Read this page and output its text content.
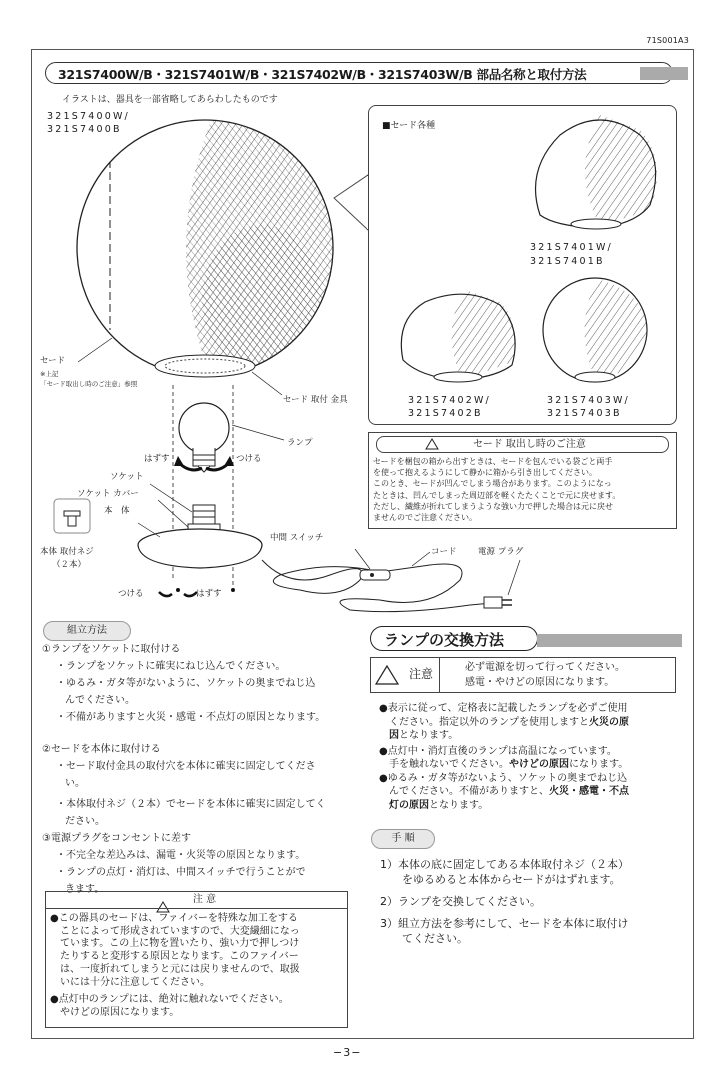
71S001A3
321S7400W/B・321S7401W/B・321S7402W/B・321S7403W/B 部品名称と取付方法
イラストは、器具を一部省略してあらわしたものです
321S7400W/
321S7400B
セード
※上記
「セード取出し時のご注意」参照
セード 取付 金具
ランプ
はずす	つける
ソケット
ソケット カバー
本　体
本体 取付ネジ
（２本）
中間 スイッチ
コード	電源 プラグ
つける	はずす
■セード各種
321S7401W/
321S7401B
321S7402W/
321S7402B
321S7403W/
321S7403B
セード 取出し時のご注意
セードを梱包の箱から出すときは、セードを包んでいる袋ごと両手
を使って抱えるようにして静かに箱から引き出してください。
このとき、セードが凹んでしまう場合があります。このようになっ
たときは、凹んでしまった周辺部を軽くたたくことで元に戻せます。
ただし、繊維が折れてしまうような強い力で押した場合は元に戻せ
ませんのでご注意ください。
組立方法
①ランプをソケットに取付ける
・ランプをソケットに確実にねじ込んでください。
・ゆるみ・ガタ等がないように、ソケットの奥までねじ込
んでください。
・不備がありますと火災・感電・不点灯の原因となります。
②セードを本体に取付ける
・セード取付金具の取付穴を本体に確実に固定してくださ
い。
・本体取付ネジ（２本）でセードを本体に確実に固定してく
ださい。
③電源プラグをコンセントに差す
・不完全な差込みは、漏電・火災等の原因となります。
・ランプの点灯・消灯は、中間スイッチで行うことがで
きます。
注 意
●この器具のセードは、ファイバーを特殊な加工をする
　ことによって形成されていますので、大変繊細になっ
　ています。この上に物を置いたり、強い力で押しつけ
　たりすると変形する原因となります。このファイバー
　は、一度折れてしまうと元には戻りませんので、取扱
　いには十分に注意してください。
●点灯中のランプには、絶対に触れないでください。
　やけどの原因になります。
ランプの交換方法
注意	必ず電源を切って行ってください。
感電・やけどの原因になります。
●表示に従って、定格表に記載したランプを必ずご使用
　ください。指定以外のランプを使用しますと火災の原
　因となります。
●点灯中・消灯直後のランプは高温になっています。
　手を触れないでください。やけどの原因になります。
●ゆるみ・ガタ等がないよう、ソケットの奥までねじ込
　んでください。不備がありますと、火災・感電・不点
　灯の原因となります。
手 順
1）本体の底に固定してある本体取付ネジ（２本）
　　をゆるめると本体からセードがはずれます。
2）ランプを交換してください。
3）組立方法を参考にして、セードを本体に取付け
　　てください。
−3−
